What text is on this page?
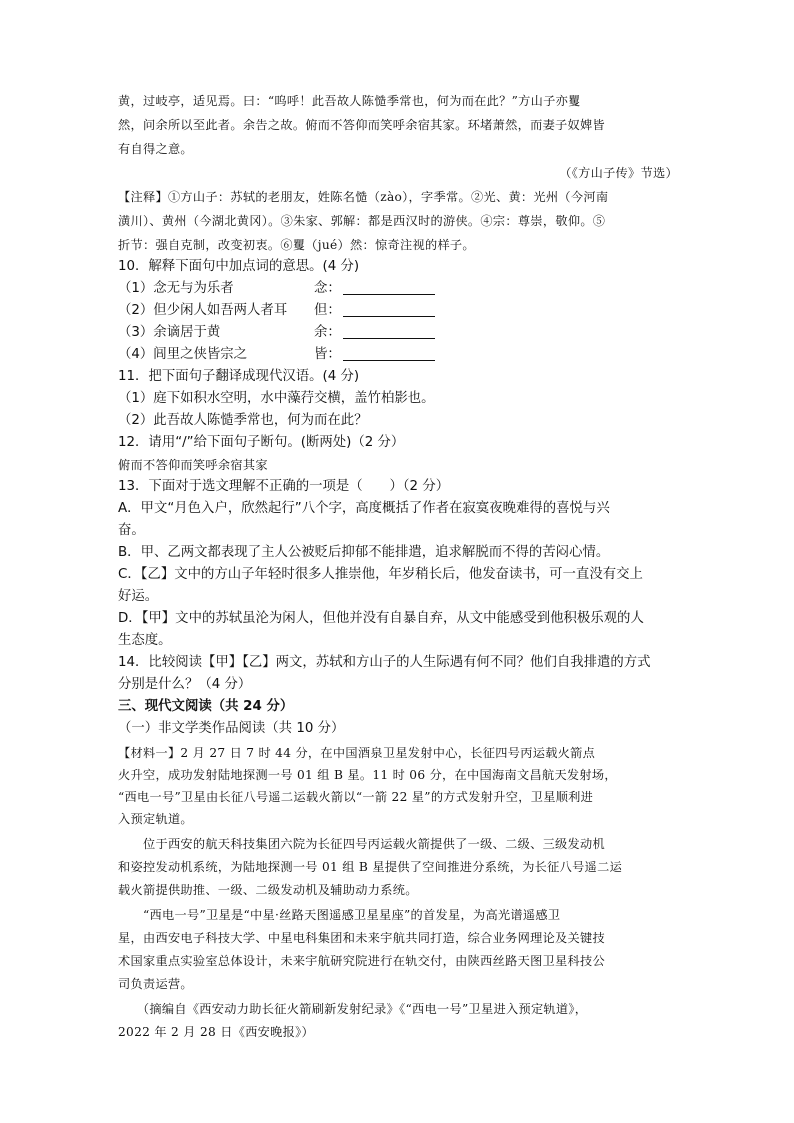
黄，过岐亭，适见焉。曰：“呜呼！此吾故人陈慥季常也，何为而在此？”方山子亦矍
然，问余所以至此者。余告之故。俯而不答仰而笑呼余宿其家。环堵萧然，而妻子奴婢皆
有自得之意。
（《方山子传》节选）
【注释】①方山子：苏轼的老朋友，姓陈名慥（zào），字季常。②光、黄：光州（今河南
潢川）、黄州（今湖北黄冈）。③朱家、郭解：都是西汉时的游侠。④宗：尊崇，敬仰。⑤
折节：强自克制，改变初衷。⑥矍（jué）然：惊奇注视的样子。
10．解释下面句中加点词的意思。(4 分)
（1）念无与为乐者	念：
（2）但少闲人如吾两人者耳 但：
（3）余谪居于黄	余：
（4）闾里之侠皆宗之	皆：
11．把下面句子翻译成现代汉语。(4 分)
（1）庭下如积水空明，水中藻荇交横，盖竹柏影也。
（2）此吾故人陈慥季常也，何为而在此？
12．请用“/”给下面句子断句。(断两处)（2 分）
俯而不答仰而笑呼余宿其家
13．下面对于选文理解不正确的一项是（　　）（2 分）
A．甲文“月色入户，欣然起行”八个字，高度概括了作者在寂寞夜晚难得的喜悦与兴
奋。
B．甲、乙两文都表现了主人公被贬后抑郁不能排遣，追求解脱而不得的苦闷心情。
C．【乙】文中的方山子年轻时很多人推崇他，年岁稍长后，他发奋读书，可一直没有交上
好运。
D．【甲】文中的苏轼虽沦为闲人，但他并没有自暴自弃，从文中能感受到他积极乐观的人
生态度。
14．比较阅读【甲】【乙】两文，苏轼和方山子的人生际遇有何不同？他们自我排遣的方式
分别是什么？（4 分）
三、现代文阅读（共 24 分）
（一）非文学类作品阅读（共 10 分）
【材料一】2 月 27 日 7 时 44 分，在中国酒泉卫星发射中心，长征四号丙运载火箭点
火升空，成功发射陆地探测一号 01 组 B 星。11 时 06 分，在中国海南文昌航天发射场，
“西电一号”卫星由长征八号遥二运载火箭以“一箭 22 星”的方式发射升空，卫星顺利进
入预定轨道。
　　位于西安的航天科技集团六院为长征四号丙运载火箭提供了一级、二级、三级发动机
和姿控发动机系统，为陆地探测一号 01 组 B 星提供了空间推进分系统，为长征八号遥二运
载火箭提供助推、一级、二级发动机及辅助动力系统。
　　“西电一号”卫星是“中星·丝路天图遥感卫星星座”的首发星，为高光谱遥感卫
星，由西安电子科技大学、中星电科集团和未来宇航共同打造，综合业务网理论及关键技
术国家重点实验室总体设计，未来宇航研究院进行在轨交付，由陕西丝路天图卫星科技公
司负责运营。
　　（摘编自《西安动力助长征火箭刷新发射纪录》《“西电一号”卫星进入预定轨道》，
2022 年 2 月 28 日《西安晚报》）
